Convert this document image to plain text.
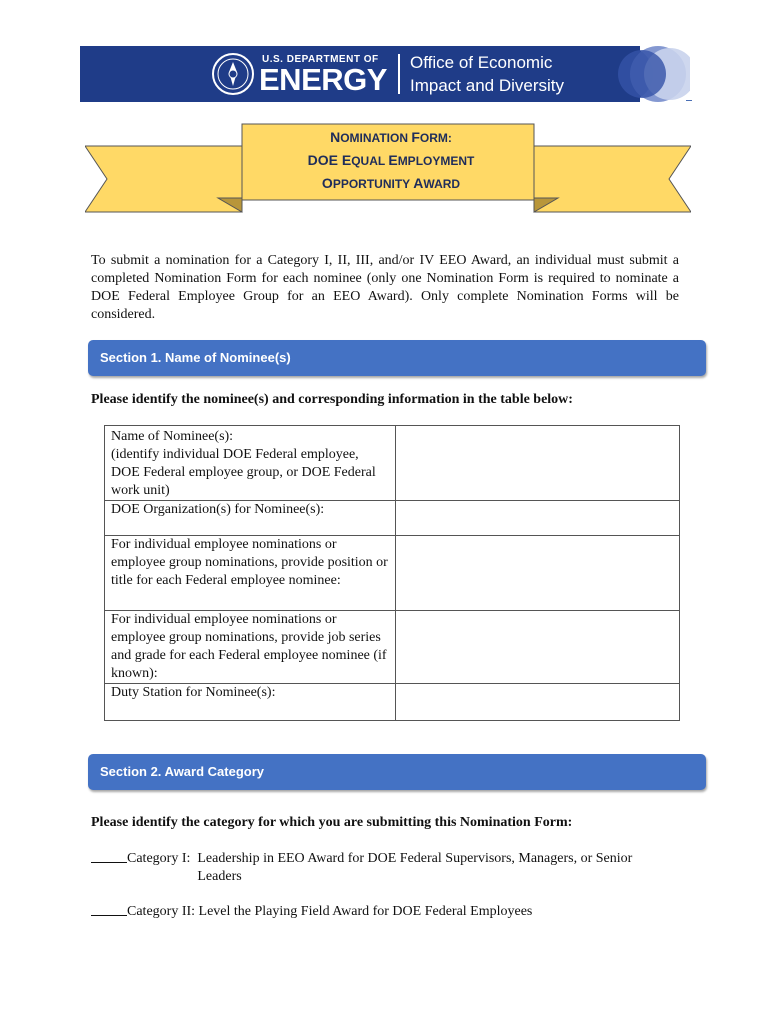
U.S. DEPARTMENT OF
ENERGY Office of Economic
Impact and Diversity
NOMINATION FORM:
DOE EQUAL EMPLOYMENT
OPPORTUNITY AWARD
To submit a nomination for a Category I, II, III, and/or IV EEO Award, an individual must submit a completed Nomination Form for each nominee (only one Nomination Form is required to nominate a DOE Federal Employee Group for an EEO Award). Only complete Nomination Forms will be considered.
Section 1. Name of Nominee(s)
Please identify the nominee(s) and corresponding information in the table below:
Name of Nominee(s):
(identify individual DOE Federal employee, DOE Federal employee group, or DOE Federal work unit)	

DOE Organization(s) for Nominee(s):	
For individual employee nominations or employee group nominations, provide position or title for each Federal employee nominee:	
For individual employee nominations or employee group nominations, provide job series and grade for each Federal employee nominee (if known):	
Duty Station for Nominee(s):	
Section 2. Award Category
Please identify the category for which you are submitting this Nomination Form:
Category I: Leadership in EEO Award for DOE Federal Supervisors, Managers, or Senior Leaders
Category II: Level the Playing Field Award for DOE Federal Employees
